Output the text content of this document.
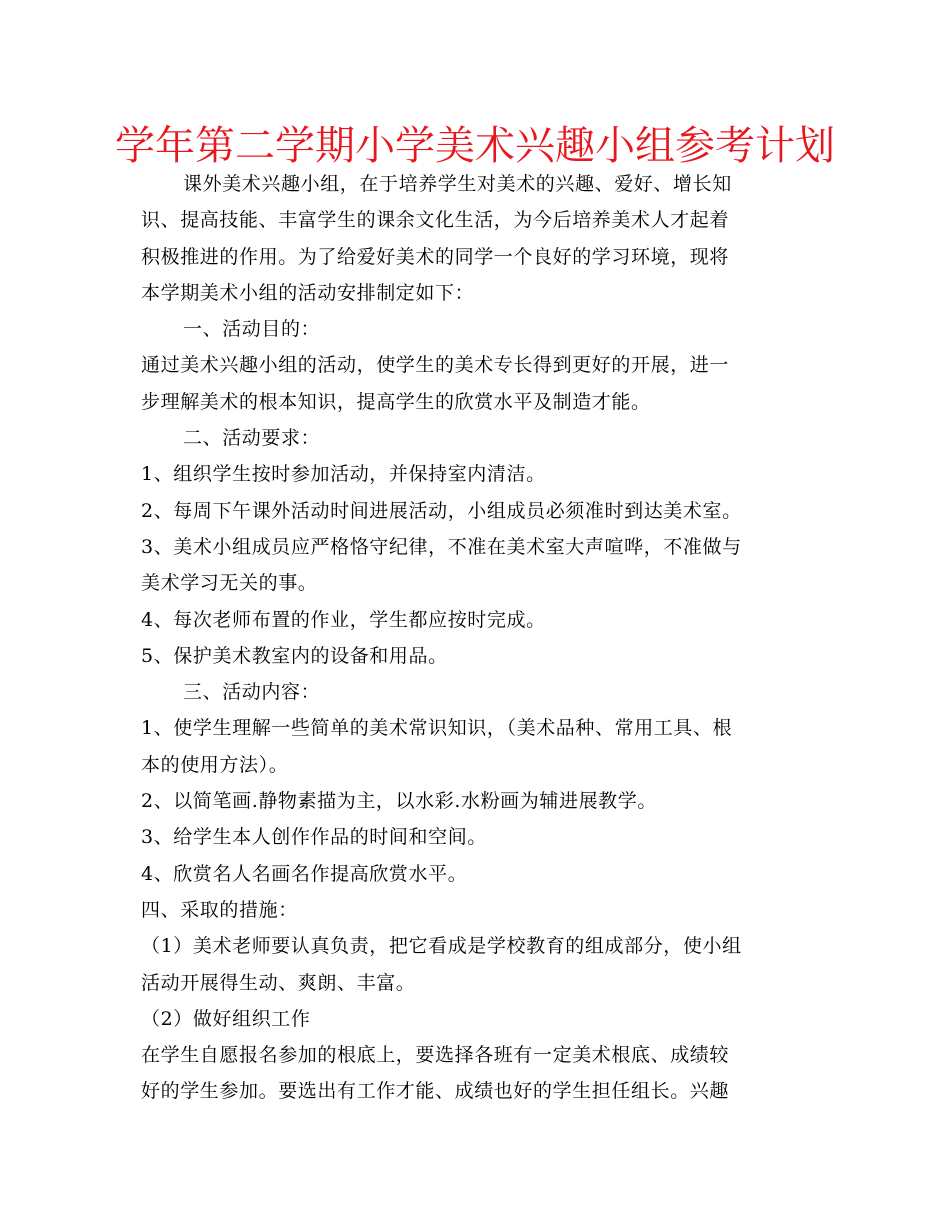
学年第二学期小学美术兴趣小组参考计划
课外美术兴趣小组，在于培养学生对美术的兴趣、爱好、增长知
识、提高技能、丰富学生的课余文化生活，为今后培养美术人才起着
积极推进的作用。为了给爱好美术的同学一个良好的学习环境，现将
本学期美术小组的活动安排制定如下：
一、活动目的：
通过美术兴趣小组的活动，使学生的美术专长得到更好的开展，进一
步理解美术的根本知识，提高学生的欣赏水平及制造才能。
二、活动要求：
1、组织学生按时参加活动，并保持室内清洁。
2、每周下午课外活动时间进展活动，小组成员必须准时到达美术室。
3、美术小组成员应严格恪守纪律，不准在美术室大声喧哗，不准做与
美术学习无关的事。
4、每次老师布置的作业，学生都应按时完成。
5、保护美术教室内的设备和用品。
三、活动内容：
1、使学生理解一些简单的美术常识知识，（美术品种、常用工具、根
本的使用方法）。
2、以简笔画.静物素描为主，以水彩.水粉画为辅进展教学。
3、给学生本人创作作品的时间和空间。
4、欣赏名人名画名作提高欣赏水平。
四、采取的措施：
（1）美术老师要认真负责，把它看成是学校教育的组成部分，使小组
活动开展得生动、爽朗、丰富。
（2）做好组织工作
在学生自愿报名参加的根底上，要选择各班有一定美术根底、成绩较
好的学生参加。要选出有工作才能、成绩也好的学生担任组长。兴趣
